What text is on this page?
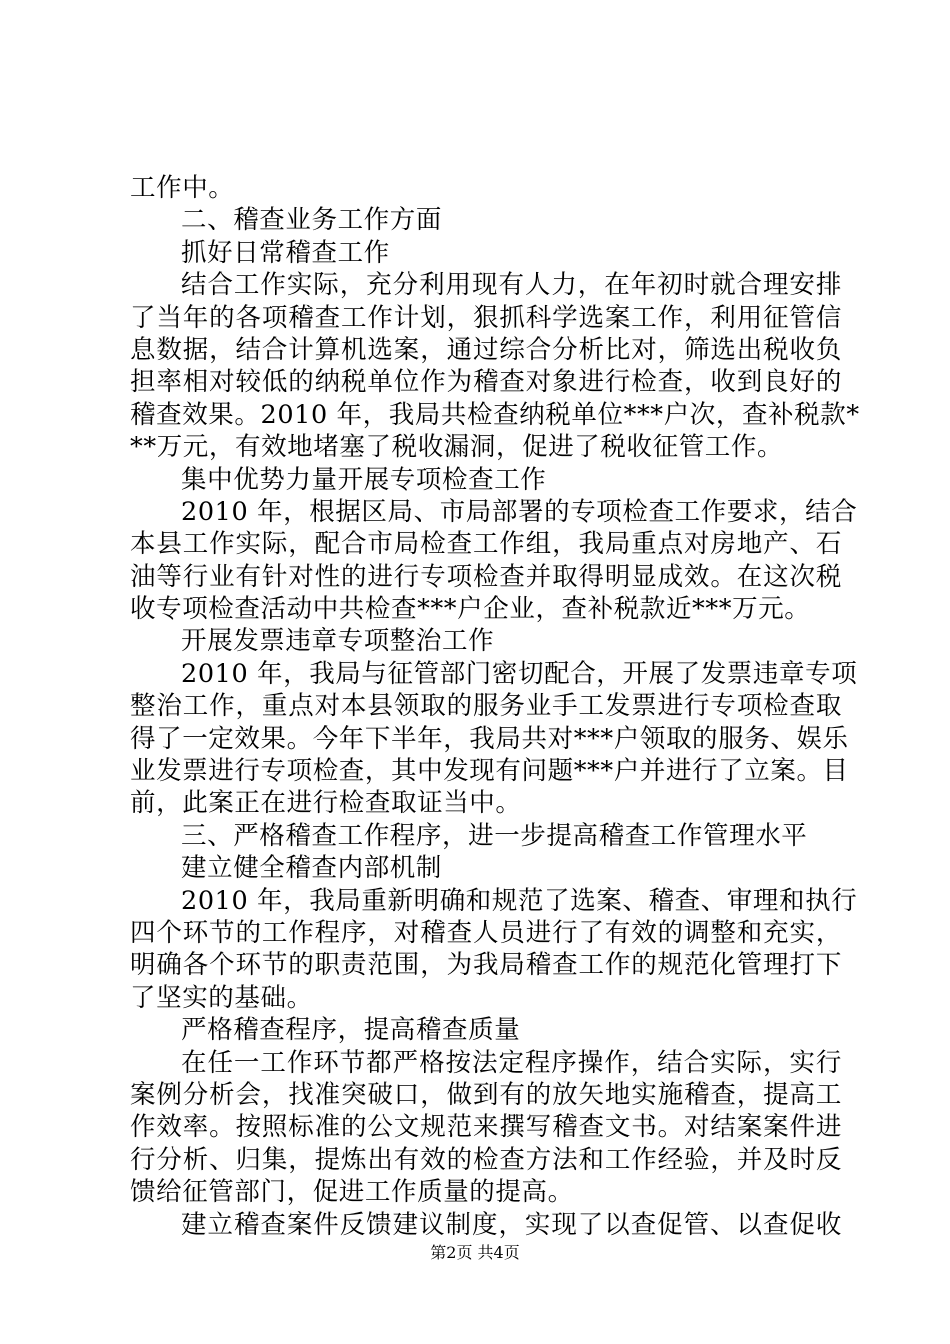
工作中。
二、稽查业务工作方面
抓好日常稽查工作
结合工作实际，充分利用现有人力，在年初时就合理安排
了当年的各项稽查工作计划，狠抓科学选案工作，利用征管信
息数据，结合计算机选案，通过综合分析比对，筛选出税收负
担率相对较低的纳税单位作为稽查对象进行检查，收到良好的
稽查效果。2010 年，我局共检查纳税单位***户次，查补税款*
**万元，有效地堵塞了税收漏洞，促进了税收征管工作。
集中优势力量开展专项检查工作
2010 年，根据区局、市局部署的专项检查工作要求，结合
本县工作实际，配合市局检查工作组，我局重点对房地产、石
油等行业有针对性的进行专项检查并取得明显成效。在这次税
收专项检查活动中共检查***户企业，查补税款近***万元。
开展发票违章专项整治工作
2010 年，我局与征管部门密切配合，开展了发票违章专项
整治工作，重点对本县领取的服务业手工发票进行专项检查取
得了一定效果。今年下半年，我局共对***户领取的服务、娱乐
业发票进行专项检查，其中发现有问题***户并进行了立案。目
前，此案正在进行检查取证当中。
三、严格稽查工作程序，进一步提高稽查工作管理水平
建立健全稽查内部机制
2010 年，我局重新明确和规范了选案、稽查、审理和执行
四个环节的工作程序，对稽查人员进行了有效的调整和充实，
明确各个环节的职责范围，为我局稽查工作的规范化管理打下
了坚实的基础。
严格稽查程序，提高稽查质量
在任一工作环节都严格按法定程序操作，结合实际，实行
案例分析会，找准突破口，做到有的放矢地实施稽查，提高工
作效率。按照标准的公文规范来撰写稽查文书。对结案案件进
行分析、归集，提炼出有效的检查方法和工作经验，并及时反
馈给征管部门，促进工作质量的提高。
建立稽查案件反馈建议制度，实现了以查促管、以查促收
第2页 共4页
